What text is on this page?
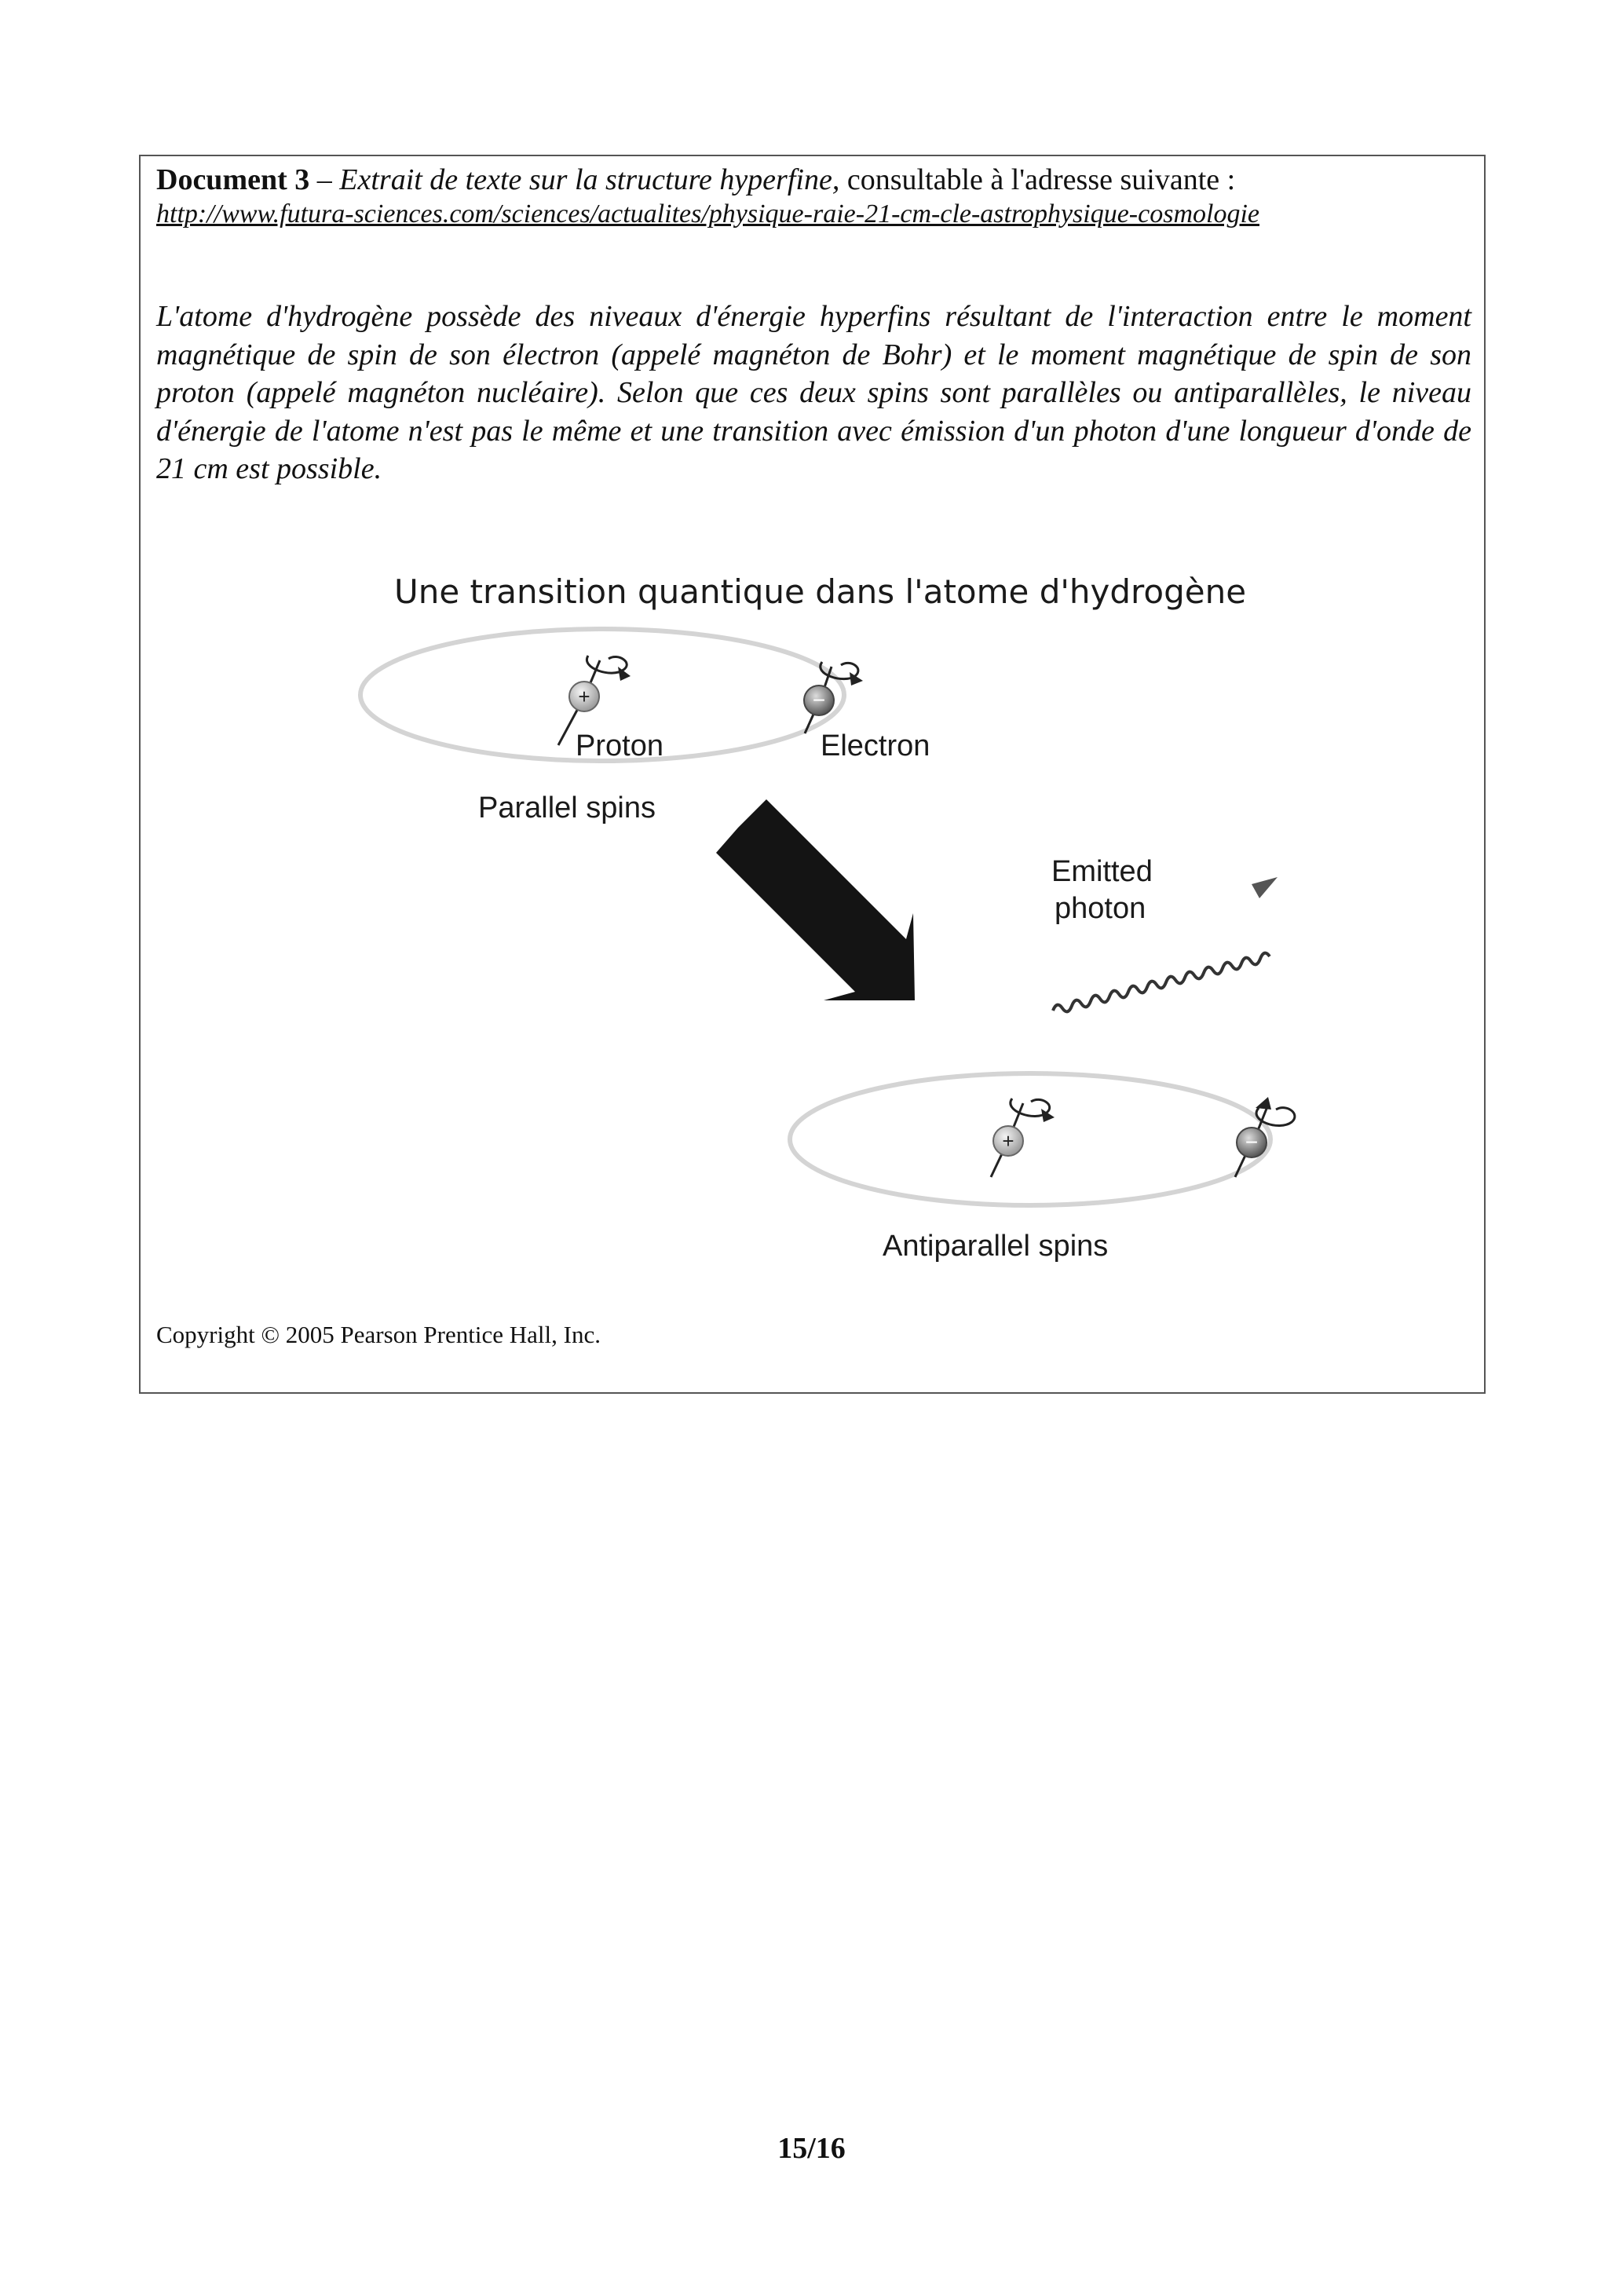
Document 3 – Extrait de texte sur la structure hyperfine, consultable à l'adresse suivante :
http://www.futura-sciences.com/sciences/actualites/physique-raie-21-cm-cle-astrophysique-cosmologie

L'atome d'hydrogène possède des niveaux d'énergie hyperfins résultant de l'interaction entre le moment magnétique de spin de son électron (appelé magnéton de Bohr) et le moment magnétique de spin de son proton (appelé magnéton nucléaire). Selon que ces deux spins sont parallèles ou antiparallèles, le niveau d'énergie de l'atome n'est pas le même et une transition avec émission d'un photon d'une longueur d'onde de 21 cm est possible.

Une transition quantique dans l'atome d'hydrogène
+	−
Proton	Electron
Parallel spins
Emitted
photon
+	−
Antiparallel spins
Copyright © 2005 Pearson Prentice Hall, Inc.
15/16
